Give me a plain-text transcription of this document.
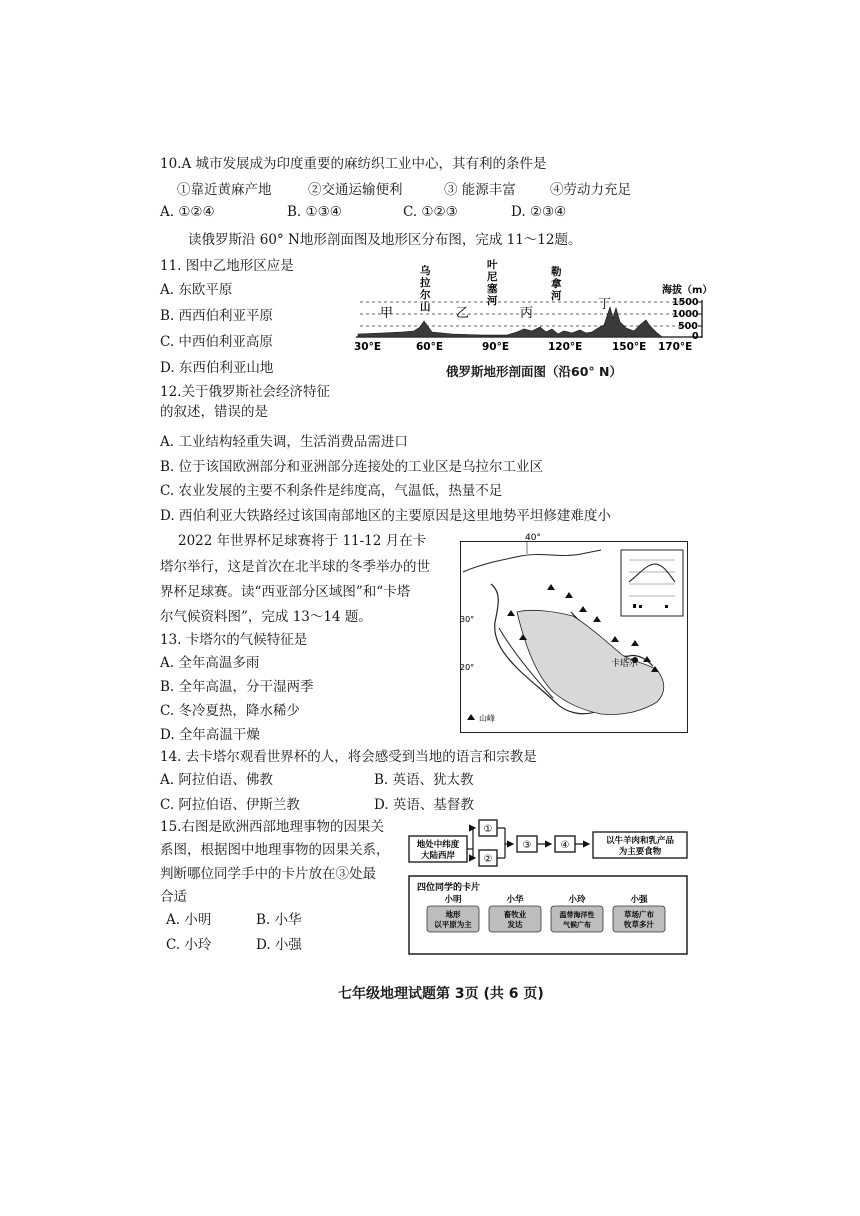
10.A 城市发展成为印度重要的麻纺织工业中心，其有利的条件是
①靠近黄麻产地	②交通运输便利	③ 能源丰富	④劳动力充足
A. ①②④	B. ①③④	C. ①②③	D. ②③④
读俄罗斯沿 60° N地形剖面图及地形区分布图，完成 11～12题。
11. 图中乙地形区应是
A. 东欧平原
B. 西西伯利亚平原
C. 中西伯利亚高原
D. 东西伯利亚山地
甲	乙	丙
丁
乌
拉
尔
山
叶
尼
塞
河
勒
拿
河	海拔（m）
1500
1000
500
0
30°E	60°E	90°E	120°E	150°E 170°E
俄罗斯地形剖面图（沿60° N）
12.关于俄罗斯社会经济特征
的叙述，错误的是
A. 工业结构轻重失调，生活消费品需进口
B. 位于该国欧洲部分和亚洲部分连接处的工业区是乌拉尔工业区
C. 农业发展的主要不利条件是纬度高，气温低，热量不足
D. 西伯利亚大铁路经过该国南部地区的主要原因是这里地势平坦修建难度小
2022 年世界杯足球赛将于 11-12 月在卡
塔尔举行，这是首次在北半球的冬季举办的世
界杯足球赛。读“西亚部分区域图”和“卡塔
尔气候资料图”，完成 13～14 题。
40°
30°
20°	卡塔尔
山峰
13. 卡塔尔的气候特征是
A. 全年高温多雨
B. 全年高温，分干湿两季
C. 冬冷夏热，降水稀少
D. 全年高温干燥
14. 去卡塔尔观看世界杯的人，将会感受到当地的语言和宗教是
A. 阿拉伯语、佛教	B. 英语、犹太教
C. 阿拉伯语、伊斯兰教	D. 英语、基督教
15.右图是欧洲西部地理事物的因果关
系图，根据图中地理事物的因果关系，
判断哪位同学手中的卡片放在③处最
合适
A. 小明	B. 小华
C. 小玲	D. 小强
地处中纬度
大陆西岸
①
②
③	④	以牛羊肉和乳产品
为主要食物
四位同学的卡片
小明
地形
以平原为主
小华
畜牧业
发达
小玲
温带海洋性
气候广布
小强
草场广布
牧草多汁
七年级地理试题第 3页 (共 6 页)
